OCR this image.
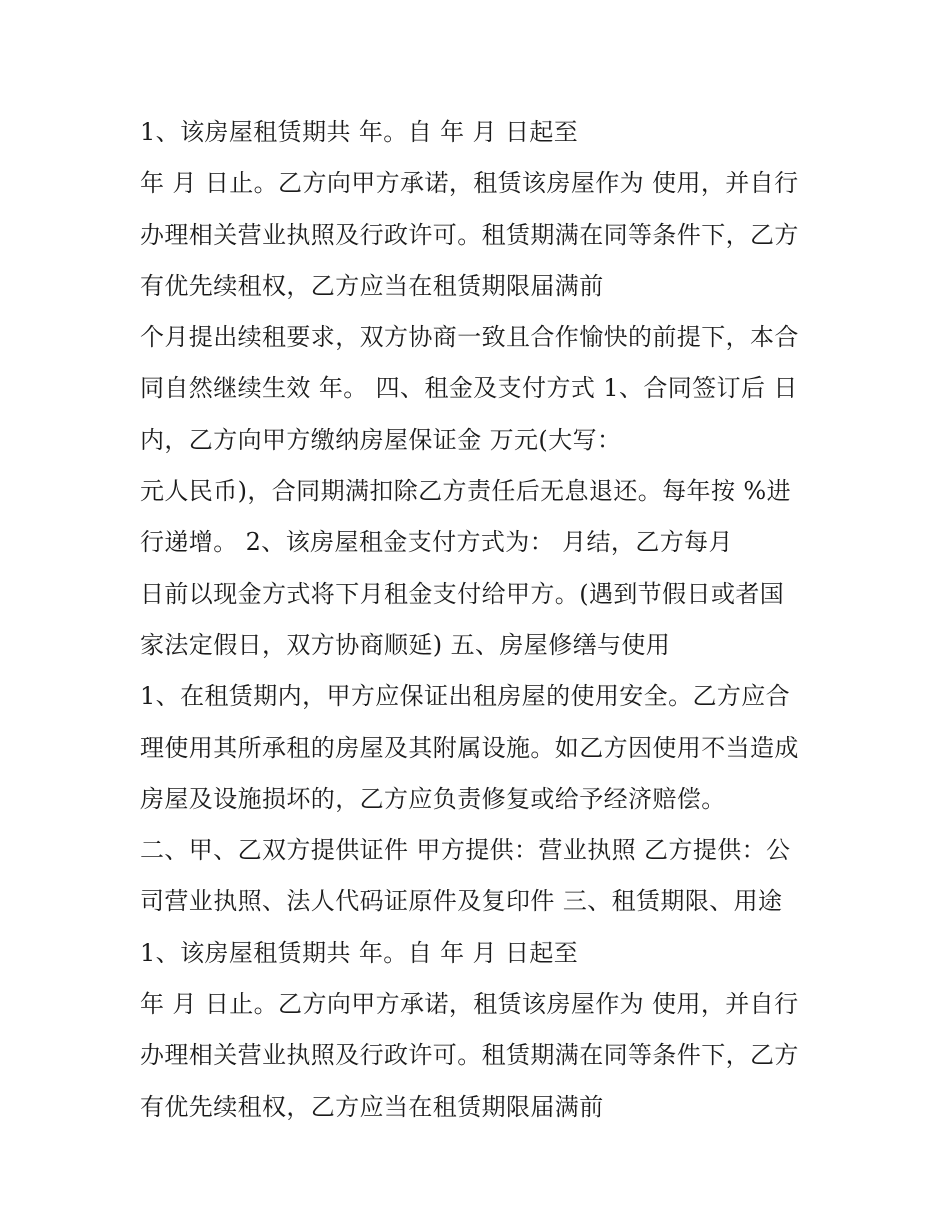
1、该房屋租赁期共 年。自 年 月 日起至
年 月 日止。乙方向甲方承诺，租赁该房屋作为 使用，并自行
办理相关营业执照及行政许可。租赁期满在同等条件下，乙方
有优先续租权，乙方应当在租赁期限届满前
个月提出续租要求，双方协商一致且合作愉快的前提下，本合
同自然继续生效 年。 四、租金及支付方式 1、合同签订后 日
内，乙方向甲方缴纳房屋保证金 万元(大写：
元人民币)，合同期满扣除乙方责任后无息退还。每年按 %进
行递增。 2、该房屋租金支付方式为： 月结，乙方每月
日前以现金方式将下月租金支付给甲方。(遇到节假日或者国
家法定假日，双方协商顺延) 五、房屋修缮与使用
1、在租赁期内，甲方应保证出租房屋的使用安全。乙方应合
理使用其所承租的房屋及其附属设施。如乙方因使用不当造成
房屋及设施损坏的，乙方应负责修复或给予经济赔偿。
二、甲、乙双方提供证件 甲方提供：营业执照 乙方提供：公
司营业执照、法人代码证原件及复印件 三、租赁期限、用途
1、该房屋租赁期共 年。自 年 月 日起至
年 月 日止。乙方向甲方承诺，租赁该房屋作为 使用，并自行
办理相关营业执照及行政许可。租赁期满在同等条件下，乙方
有优先续租权，乙方应当在租赁期限届满前
